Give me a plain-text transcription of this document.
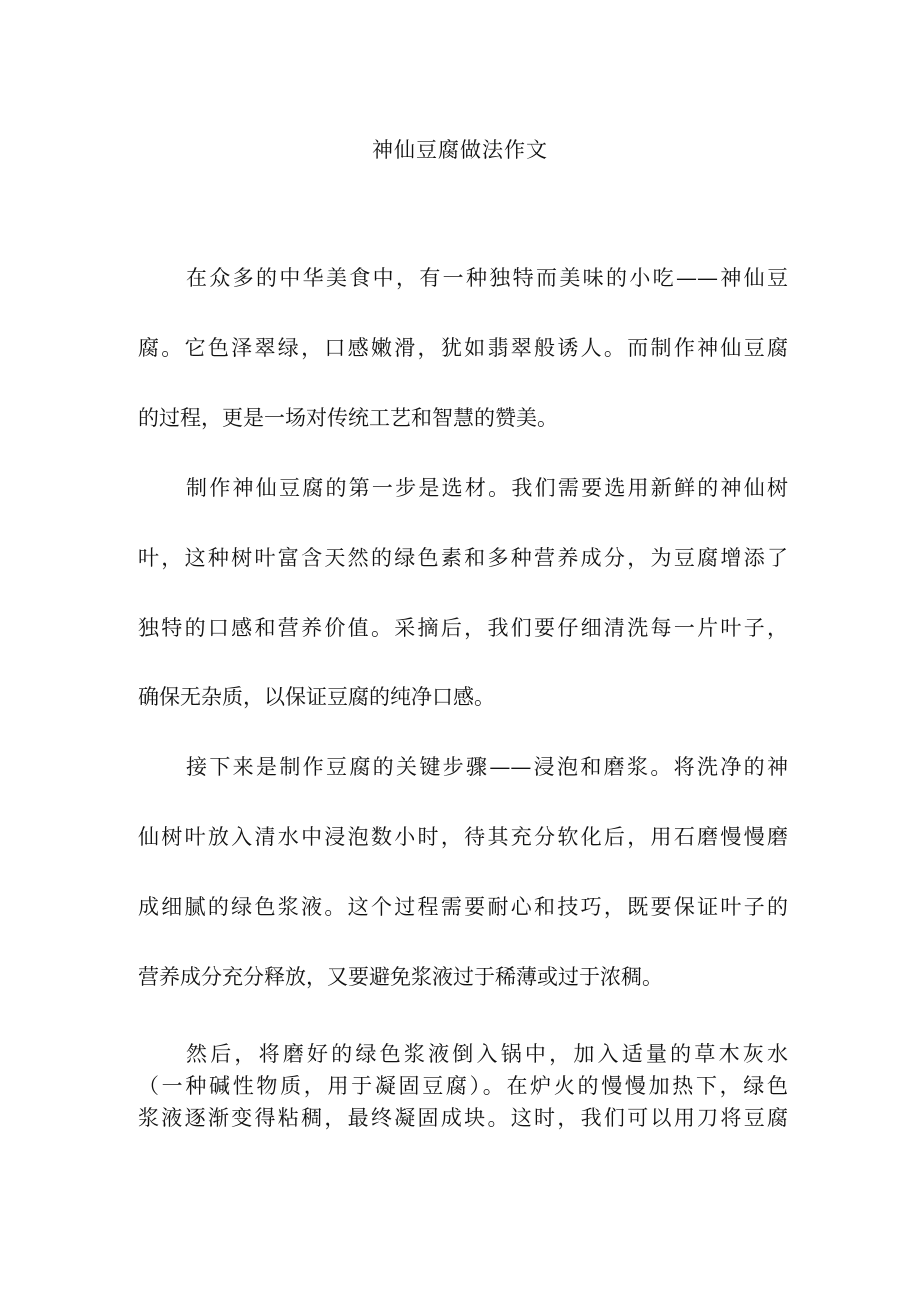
神仙豆腐做法作文
在众多的中华美食中，有一种独特而美味的小吃——神仙豆
腐。它色泽翠绿，口感嫩滑，犹如翡翠般诱人。而制作神仙豆腐
的过程，更是一场对传统工艺和智慧的赞美。
制作神仙豆腐的第一步是选材。我们需要选用新鲜的神仙树
叶，这种树叶富含天然的绿色素和多种营养成分，为豆腐增添了
独特的口感和营养价值。采摘后，我们要仔细清洗每一片叶子，
确保无杂质，以保证豆腐的纯净口感。
接下来是制作豆腐的关键步骤——浸泡和磨浆。将洗净的神
仙树叶放入清水中浸泡数小时，待其充分软化后，用石磨慢慢磨
成细腻的绿色浆液。这个过程需要耐心和技巧，既要保证叶子的
营养成分充分释放，又要避免浆液过于稀薄或过于浓稠。
然后，将磨好的绿色浆液倒入锅中，加入适量的草木灰水
（一种碱性物质，用于凝固豆腐）。在炉火的慢慢加热下，绿色
浆液逐渐变得粘稠，最终凝固成块。这时，我们可以用刀将豆腐
